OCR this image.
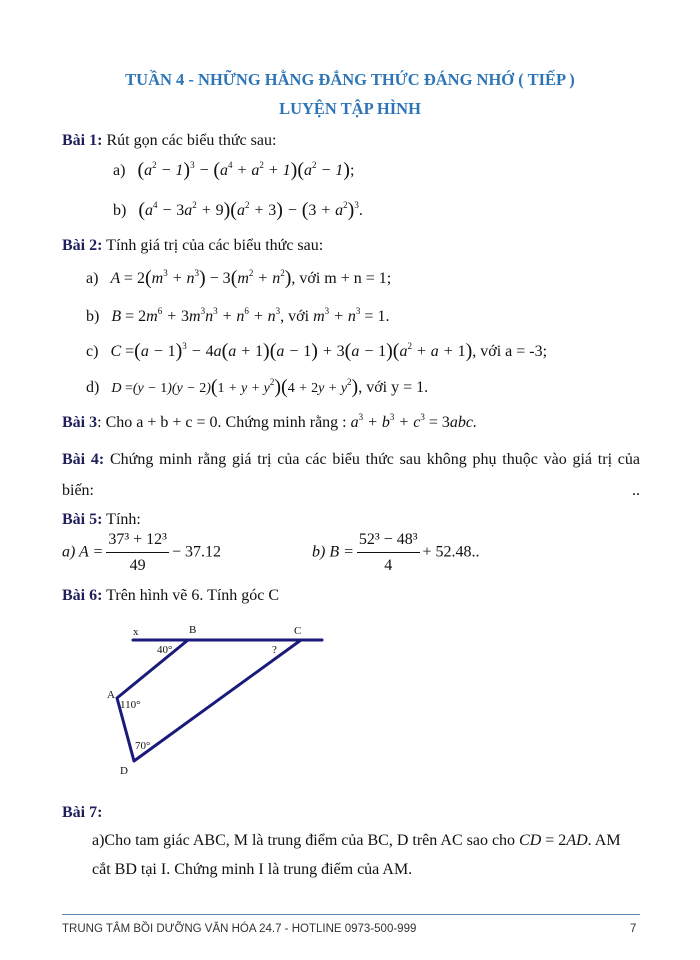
TUẦN 4 - NHỮNG HẰNG ĐẲNG THỨC ĐÁNG NHỚ ( TIẾP )
LUYỆN TẬP HÌNH
Bài 1: Rút gọn các biểu thức sau:
a) $(a^2 - 1)^3 - (a^4 + a^2 + 1)(a^2 - 1)$;
b) $(a^4 - 3a^2 + 9)(a^2 + 3) - (3 + a^2)^3$.
Bài 2: Tính giá trị của các biểu thức sau:
a) $A = 2(m^3 + n^3) - 3(m^2 + n^2)$, với m + n = 1;
b) $B = 2m^6 + 3m^3n^3 + n^6 + n^3$, với $m^3 + n^3 = 1$.
c) $C =(a - 1)^3 - 4a(a + 1)(a - 1) + 3(a - 1)(a^2 + a + 1)$, với a = -3;
d) $D =(y - 1)(y - 2)(1 + y + y^2)(4 + 2y + y^2)$, với y = 1.
Bài 3: Cho a + b + c = 0. Chứng minh rằng : $a^3 + b^3 + c^3 = 3abc$.
Bài 4: Chứng minh rằng giá trị của các biểu thức sau không phụ thuộc vào giá trị của biến: ..
Bài 5: Tính:
a) $A = \frac{\text{37³ + 12³}}{49} - 37.12$	b) $B = \frac{\text{52³ − 48³}}{4} + 52.48$..
Bài 6: Trên hình vẽ 6. Tính góc C
x	B	C
A
D
40°	?
110°
70°
Bài 7:
a)Cho tam giác ABC, M là trung điểm của BC, D trên AC sao cho CD = 2AD. AM
cắt BD tại I. Chứng minh I là trung điểm của AM.
TRUNG TÂM BỒI DƯỠNG VĂN HÓA 24.7 - HOTLINE 0973-500-999	7
